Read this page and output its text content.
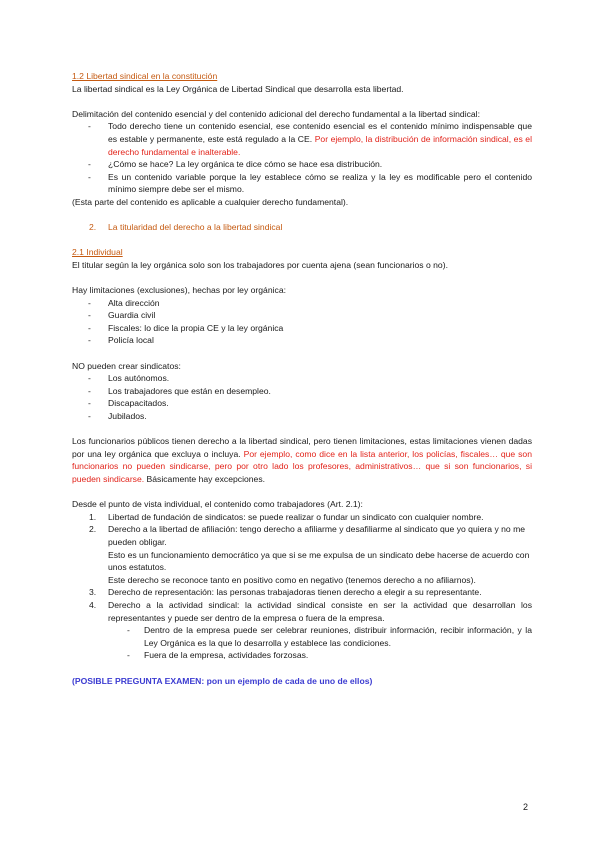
1.2 Libertad sindical en la constitución

La libertad sindical es la Ley Orgánica de Libertad Sindical que desarrolla esta libertad.

Delimitación del contenido esencial y del contenido adicional del derecho fundamental a la libertad sindical:

-	Todo derecho tiene un contenido esencial, ese contenido esencial es el contenido mínimo indispensable que es estable y permanente, este está regulado a la CE. Por ejemplo, la distribución de información sindical, es el derecho fundamental e inalterable.

-	¿Cómo se hace? La ley orgánica te dice cómo se hace esa distribución.

-	Es un contenido variable porque la ley establece cómo se realiza y la ley es modificable pero el contenido mínimo siempre debe ser el mismo.

(Esta parte del contenido es aplicable a cualquier derecho fundamental).

2.	La titularidad del derecho a la libertad sindical

2.1 Individual

El titular según la ley orgánica solo son los trabajadores por cuenta ajena (sean funcionarios o no).

Hay limitaciones (exclusiones), hechas por ley orgánica:

-	Alta dirección

-	Guardia civil

-	Fiscales: lo dice la propia CE y la ley orgánica

-	Policía local

NO pueden crear sindicatos:

-	Los autónomos.

-	Los trabajadores que están en desempleo.

-	Discapacitados.

-	Jubilados.

Los funcionarios públicos tienen derecho a la libertad sindical, pero tienen limitaciones, estas limitaciones vienen dadas por una ley orgánica que excluya o incluya. Por ejemplo, como dice en la lista anterior, los policías, fiscales… que son funcionarios no pueden sindicarse, pero por otro lado los profesores, administrativos… que si son funcionarios, si pueden sindicarse. Básicamente hay excepciones.

Desde el punto de vista individual, el contenido como trabajadores (Art. 2.1):

1.	Libertad de fundación de sindicatos: se puede realizar o fundar un sindicato con cualquier nombre.

2.	Derecho a la libertad de afiliación: tengo derecho a afiliarme y desafiliarme al sindicato que yo quiera y no me pueden obligar.

Esto es un funcionamiento democrático ya que si se me expulsa de un sindicato debe hacerse de acuerdo con unos estatutos.

Este derecho se reconoce tanto en positivo como en negativo (tenemos derecho a no afiliarnos).

3.	Derecho de representación: las personas trabajadoras tienen derecho a elegir a su representante.

4.	Derecho a la actividad sindical: la actividad sindical consiste en ser la actividad que desarrollan los representantes y puede ser dentro de la empresa o fuera de la empresa.

-	Dentro de la empresa puede ser celebrar reuniones, distribuir información, recibir información, y la Ley Orgánica es la que lo desarrolla y establece las condiciones.

-	Fuera de la empresa, actividades forzosas.

(POSIBLE PREGUNTA EXAMEN: pon un ejemplo de cada de uno de ellos)

2
